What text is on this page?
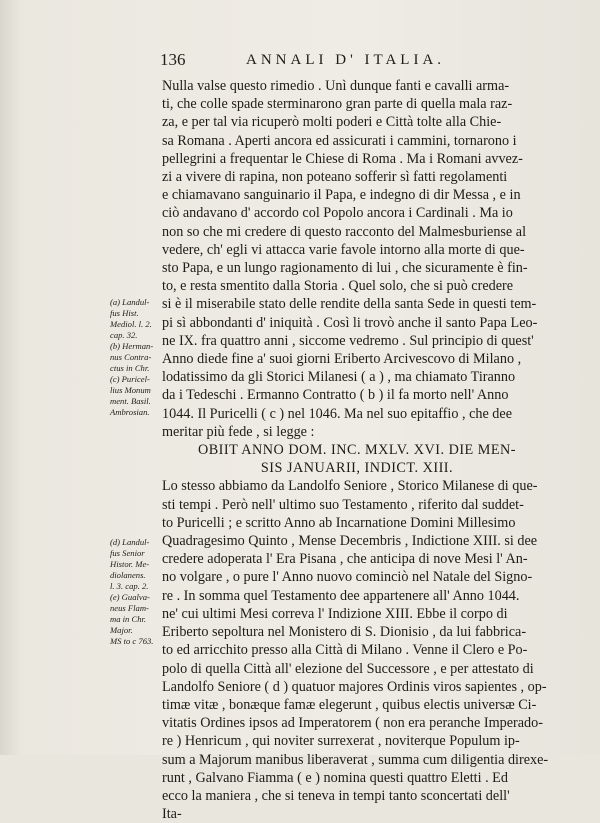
136	ANNALI D' ITALIA.
(a) Landul-
fus Hist.
Mediol. l. 2.
cap. 32.
(b) Herman-
nus Contra-
ctus in Chr.
(c) Puricel-
lius Monum
ment. Basil.
Ambrosian.
(d) Landul-
fus Senior
Histor. Me-
diolanens.
l. 3. cap. 2.
(e) Gualva-
neus Flam-
ma in Chr.
Major.
MS to c 763.

Nulla valse questo rimedio . Unì dunque fanti e cavalli arma-

ti, che colle spade sterminarono gran parte di quella mala raz-

za, e per tal via ricuperò molti poderi e Città tolte alla Chie-

sa Romana . Aperti ancora ed assicurati i cammini, tornarono i

pellegrini a frequentar le Chiese di Roma . Ma i Romani avvez-

zi a vivere di rapina, non poteano sofferir sì fatti regolamenti

e chiamavano sanguinario il Papa, e indegno di dir Messa , e in

ciò andavano d' accordo col Popolo ancora i Cardinali . Ma io

non so che mi credere di questo racconto del Malmesburiense al

vedere, ch' egli vi attacca varie favole intorno alla morte di que-

sto Papa, e un lungo ragionamento di lui , che sicuramente è fin-

to, e resta smentito dalla Storia . Quel solo, che si può credere

si è il miserabile stato delle rendite della santa Sede in questi tem-

pi sì abbondanti d' iniquità . Così li trovò anche il santo Papa Leo-

ne IX. fra quattro anni , siccome vedremo . Sul principio di quest'

Anno diede fine a' suoi giorni Eriberto Arcivescovo di Milano ,

lodatissimo da gli Storici Milanesi ( a ) , ma chiamato Tiranno

da i Tedeschi . Ermanno Contratto ( b ) il fa morto nell' Anno

1044. Il Puricelli ( c ) nel 1046. Ma nel suo epitaffio , che dee

meritar più fede , si legge :

OBIIT ANNO DOM. INC. MXLV. XVI. DIE MEN-

SIS JANUARII, INDICT. XIII.

Lo stesso abbiamo da Landolfo Seniore , Storico Milanese di que-

sti tempi . Però nell' ultimo suo Testamento , riferito dal suddet-

to Puricelli ; e scritto Anno ab Incarnatione Domini Millesimo

Quadragesimo Quinto , Mense Decembris , Indictione XIII. si dee

credere adoperata l' Era Pisana , che anticipa di nove Mesi l' An-

no volgare , o pure l' Anno nuovo cominciò nel Natale del Signo-

re . In somma quel Testamento dee appartenere all' Anno 1044.

ne' cui ultimi Mesi correva l' Indizione XIII. Ebbe il corpo di

Eriberto sepoltura nel Monistero di S. Dionisio , da lui fabbrica-

to ed arricchito presso alla Città di Milano . Venne il Clero e Po-

polo di quella Città all' elezione del Successore , e per attestato di

Landolfo Seniore ( d ) quatuor majores Ordinis viros sapientes , op-

timæ vitæ , bonæque famæ elegerunt , quibus electis universæ Ci-

vitatis Ordines ipsos ad Imperatorem ( non era peranche Imperado-

re ) Henricum , qui noviter surrexerat , noviterque Populum ip-

sum a Majorum manibus liberaverat , summa cum diligentia direxe-

runt , Galvano Fiamma ( e ) nomina questi quattro Eletti . Ed

ecco la maniera , che si teneva in tempi tanto sconcertati dell'

Ita-
